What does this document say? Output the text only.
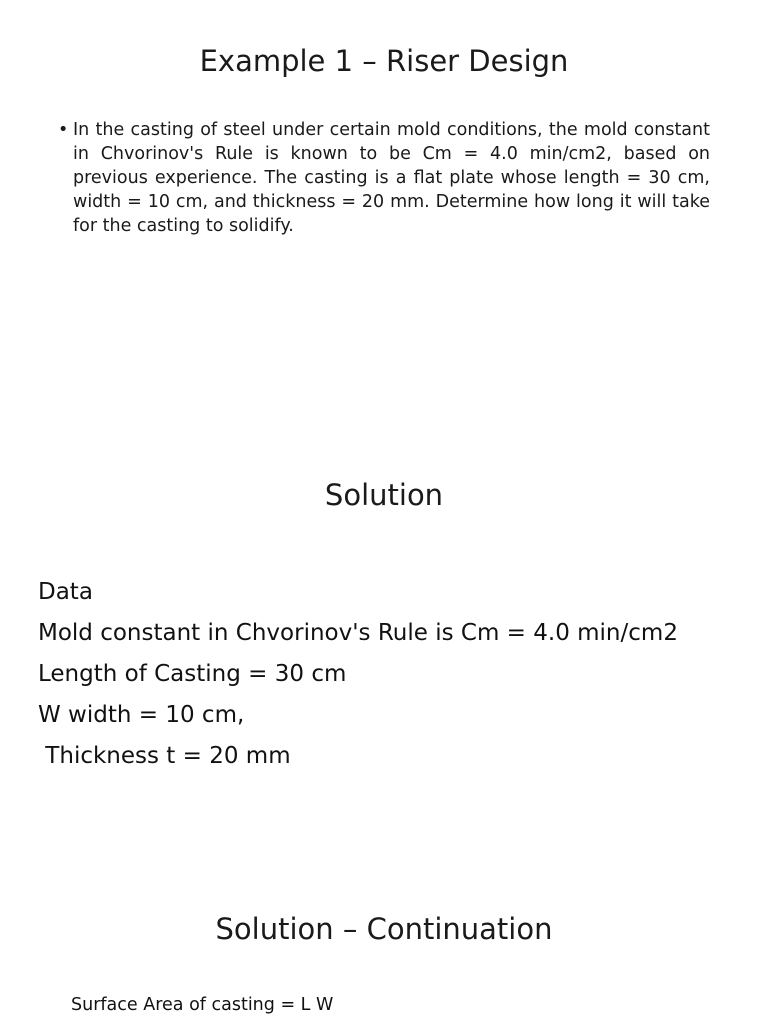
Example 1 – Riser Design
• In the casting of steel under certain mold conditions, the mold constant in Chvorinov's Rule is known to be Cm = 4.0 min/cm2, based on previous experience. The casting is a flat plate whose length = 30 cm, width = 10 cm, and thickness = 20 mm. Determine how long it will take for the casting to solidify.
Solution
Data
Mold constant in Chvorinov's Rule is Cm = 4.0 min/cm2
Length of Casting = 30 cm
W width = 10 cm,
Thickness t = 20 mm
Solution – Continuation
Surface Area of casting = L W
